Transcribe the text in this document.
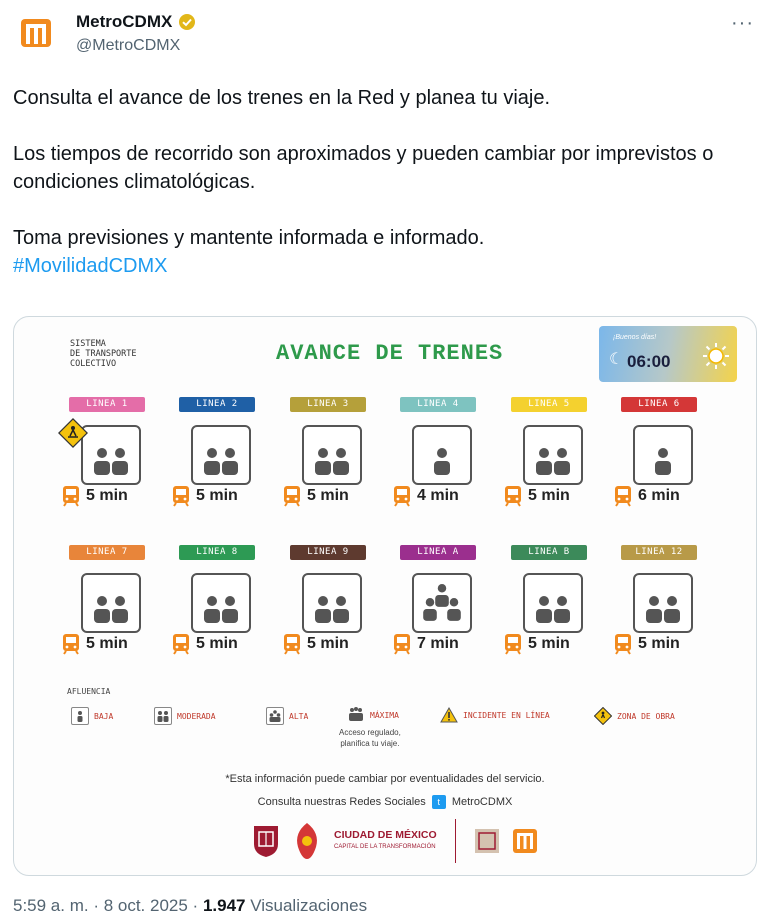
MetroCDMX
@MetroCDMX
···

Consulta el avance de los trenes en la Red y planea tu viaje.

Los tiempos de recorrido son aproximados y pueden cambiar por imprevistos o condiciones climatológicas.

Toma previsiones y mantente informada e informado.

#MovilidadCDMX

SISTEMA
DE TRANSPORTE
COLECTIVO	AVANCE DE TRENES
¡Buenos días!
☾ 06:00
LINEA 1
5 min
LINEA 2
5 min
LINEA 3
5 min
LINEA 4
4 min
LINEA 5
5 min
LINEA 6
6 min
LINEA 7
5 min
LINEA 8
5 min
LINEA 9
5 min
LINEA A
7 min
LINEA B
5 min
LINEA 12
5 min
AFLUENCIA
BAJA	MODERADA	ALTA	MÁXIMA
Acceso regulado,
planifica tu viaje.
INCIDENTE EN LÍNEA	ZONA DE OBRA
*Esta información puede cambiar por eventualidades del servicio.
Consulta nuestras Redes Sociales	t	MetroCDMX
CIUDAD DE MÉXICO
CAPITAL DE LA TRANSFORMACIÓN
5:59 a. m. · 8 oct. 2025 · 1.947 Visualizaciones
